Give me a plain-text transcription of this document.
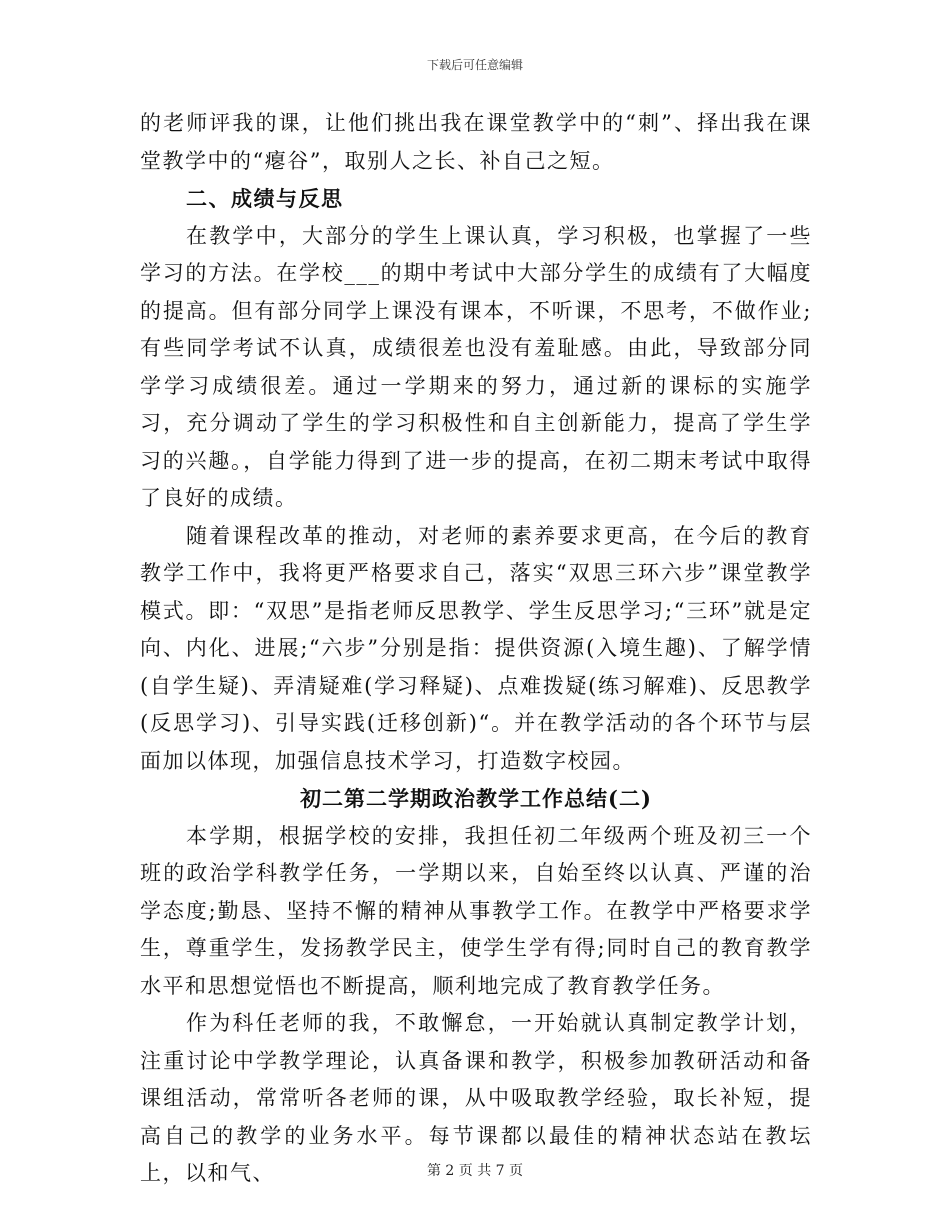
下载后可任意编辑

的老师评我的课，让他们挑出我在课堂教学中的“刺”、择出我在课堂教学中的“瘪谷”，取别人之长、补自己之短。

二、成绩与反思

在教学中，大部分的学生上课认真，学习积极，也掌握了一些学习的方法。在学校___的期中考试中大部分学生的成绩有了大幅度的提高。但有部分同学上课没有课本，不听课，不思考，不做作业;有些同学考试不认真，成绩很差也没有羞耻感。由此，导致部分同学学习成绩很差。通过一学期来的努力，通过新的课标的实施学习，充分调动了学生的学习积极性和自主创新能力，提高了学生学习的兴趣。，自学能力得到了进一步的提高，在初二期末考试中取得了良好的成绩。

随着课程改革的推动，对老师的素养要求更高，在今后的教育教学工作中，我将更严格要求自己，落实“双思三环六步”课堂教学模式。即：“双思”是指老师反思教学、学生反思学习;“三环”就是定向、内化、进展;“六步”分别是指：提供资源(入境生趣)、了解学情(自学生疑)、弄清疑难(学习释疑)、点难拨疑(练习解难)、反思教学(反思学习)、引导实践(迁移创新)“。并在教学活动的各个环节与层面加以体现，加强信息技术学习，打造数字校园。

初二第二学期政治教学工作总结(二)

本学期，根据学校的安排，我担任初二年级两个班及初三一个班的政治学科教学任务，一学期以来，自始至终以认真、严谨的治学态度;勤恳、坚持不懈的精神从事教学工作。在教学中严格要求学生，尊重学生，发扬教学民主，使学生学有得;同时自己的教育教学水平和思想觉悟也不断提高，顺利地完成了教育教学任务。

作为科任老师的我，不敢懈怠，一开始就认真制定教学计划，注重讨论中学教学理论，认真备课和教学，积极参加教研活动和备课组活动，常常听各老师的课，从中吸取教学经验，取长补短，提高自己的教学的业务水平。每节课都以最佳的精神状态站在教坛上，以和气、	第 2 页 共 7 页
